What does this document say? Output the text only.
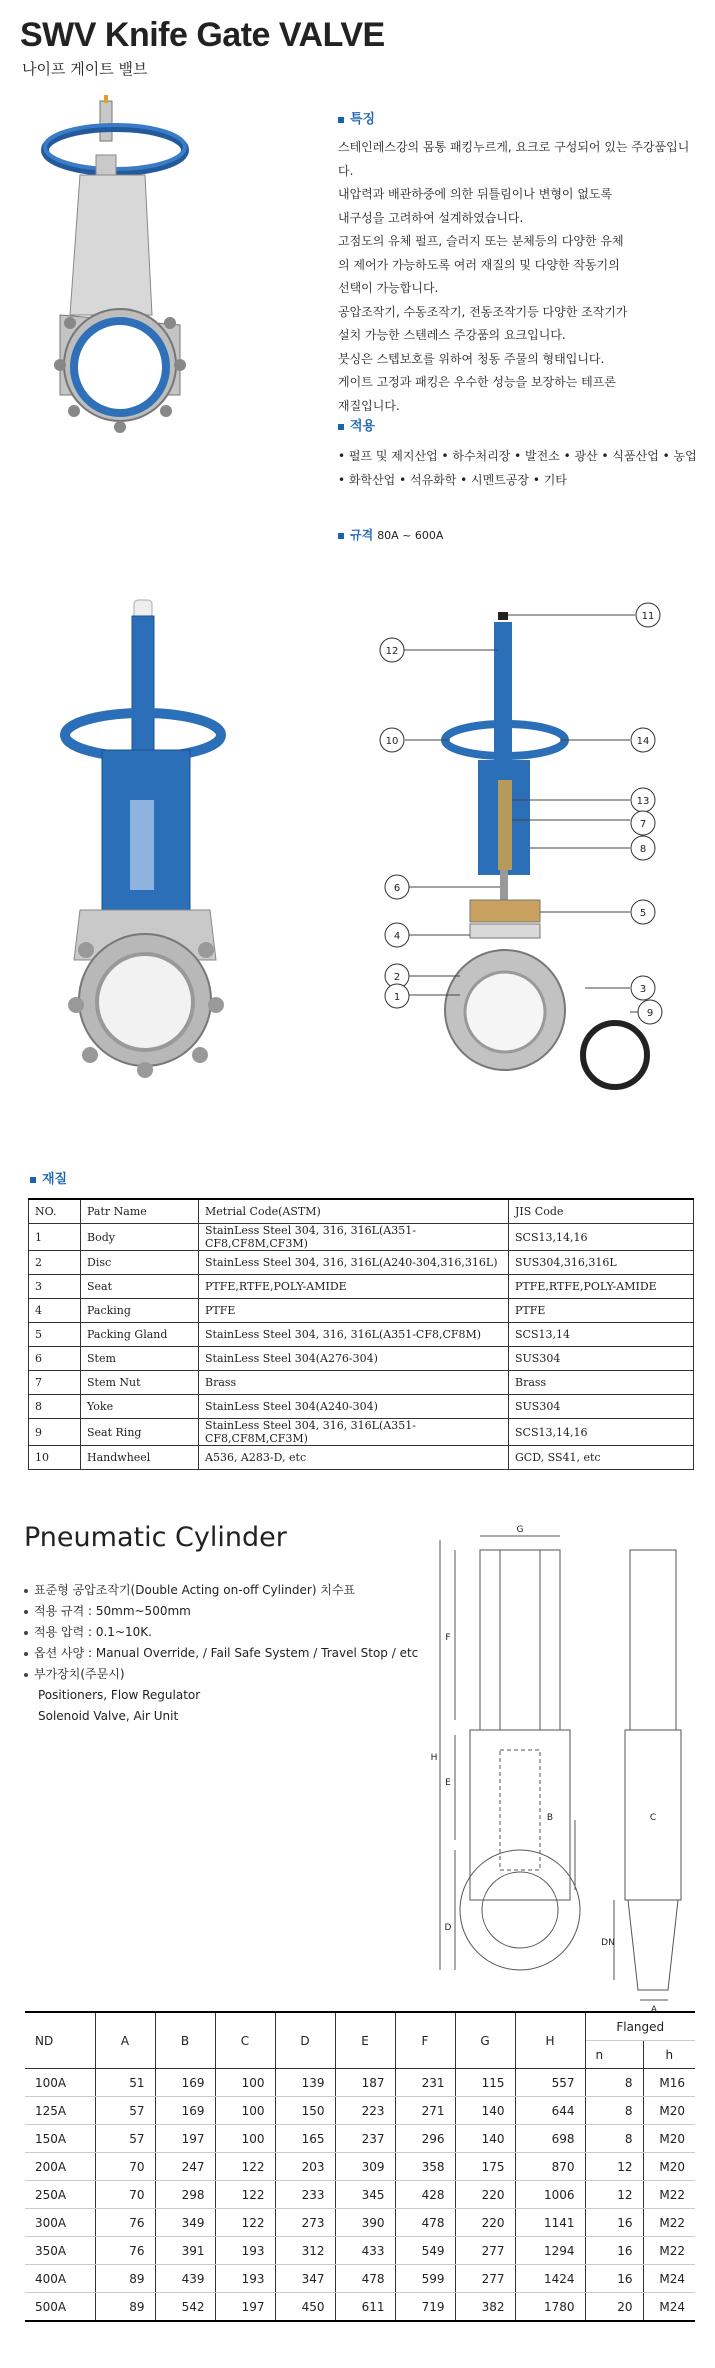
SWV Knife Gate VALVE
나이프 게이트 밸브
특징
스테인레스강의 몸통 패킹누르게, 요크로 구성되어 있는 주강품입니다.
내압력과 배관하중에 의한 뒤틀림이나 변형이 없도록
내구성을 고려하여 설계하였습니다.
고점도의 유체 펄프, 슬러지 또는 분체등의 다양한 유체
의 제어가 가능하도록 여러 재질의 및 다양한 작동기의
선택이 가능합니다.
공압조작기, 수동조작기, 전동조작기등 다양한 조작기가
설치 가능한 스텐레스 주강품의 요크입니다.
붓싱은 스텝보호를 위하여 청동 주물의 형태입니다.
게이트 고정과 패킹은 우수한 성능을 보장하는 테프론
재질입니다.
적용
• 펄프 및 제지산업 • 하수처리장 • 발전소 • 광산 • 식품산업 • 농업
• 화학산업 • 석유화학 • 시멘트공장 • 기타
규격 80A ~ 600A
11
12
10	14
13
7
8
6
5
4
2
3
1
9
재질
NO.	Patr Name	Metrial Code(ASTM)	JIS Code
1	Body	StainLess Steel 304, 316, 316L(A351-CF8,CF8M,CF3M)	SCS13,14,16
2	Disc	StainLess Steel 304, 316, 316L(A240-304,316,316L)	SUS304,316,316L
3	Seat	PTFE,RTFE,POLY-AMIDE	PTFE,RTFE,POLY-AMIDE
4	Packing	PTFE	PTFE
5	Packing Gland	StainLess Steel 304, 316, 316L(A351-CF8,CF8M)	SCS13,14
6	Stem	StainLess Steel 304(A276-304)	SUS304
7	Stem Nut	Brass	Brass
8	Yoke	StainLess Steel 304(A240-304)	SUS304
9	Seat Ring	StainLess Steel 304, 316, 316L(A351-CF8,CF8M,CF3M)	SCS13,14,16
10	Handwheel	A536, A283-D, etc	GCD, SS41, etc
Pneumatic Cylinder
표준형 공압조작기(Double Acting on-off Cylinder) 치수표
적용 규격 : 50mm~500mm
적용 압력 : 0.1~10K.
옵션 사양 : Manual Override, / Fail Safe System / Travel Stop / etc
부가장치(주문시)
Positioners, Flow Regulator
Solenoid Valve, Air Unit
G
F
H
E
B	C
D
DN
A
ND	A	B	C	D	E	F	G	H	Flanged	
									n	h
100A	51	169	100	139	187	231	115	557	8	M16
125A	57	169	100	150	223	271	140	644	8	M20
150A	57	197	100	165	237	296	140	698	8	M20
200A	70	247	122	203	309	358	175	870	12	M20
250A	70	298	122	233	345	428	220	1006	12	M22
300A	76	349	122	273	390	478	220	1141	16	M22
350A	76	391	193	312	433	549	277	1294	16	M22
400A	89	439	193	347	478	599	277	1424	16	M24
500A	89	542	197	450	611	719	382	1780	20	M24
